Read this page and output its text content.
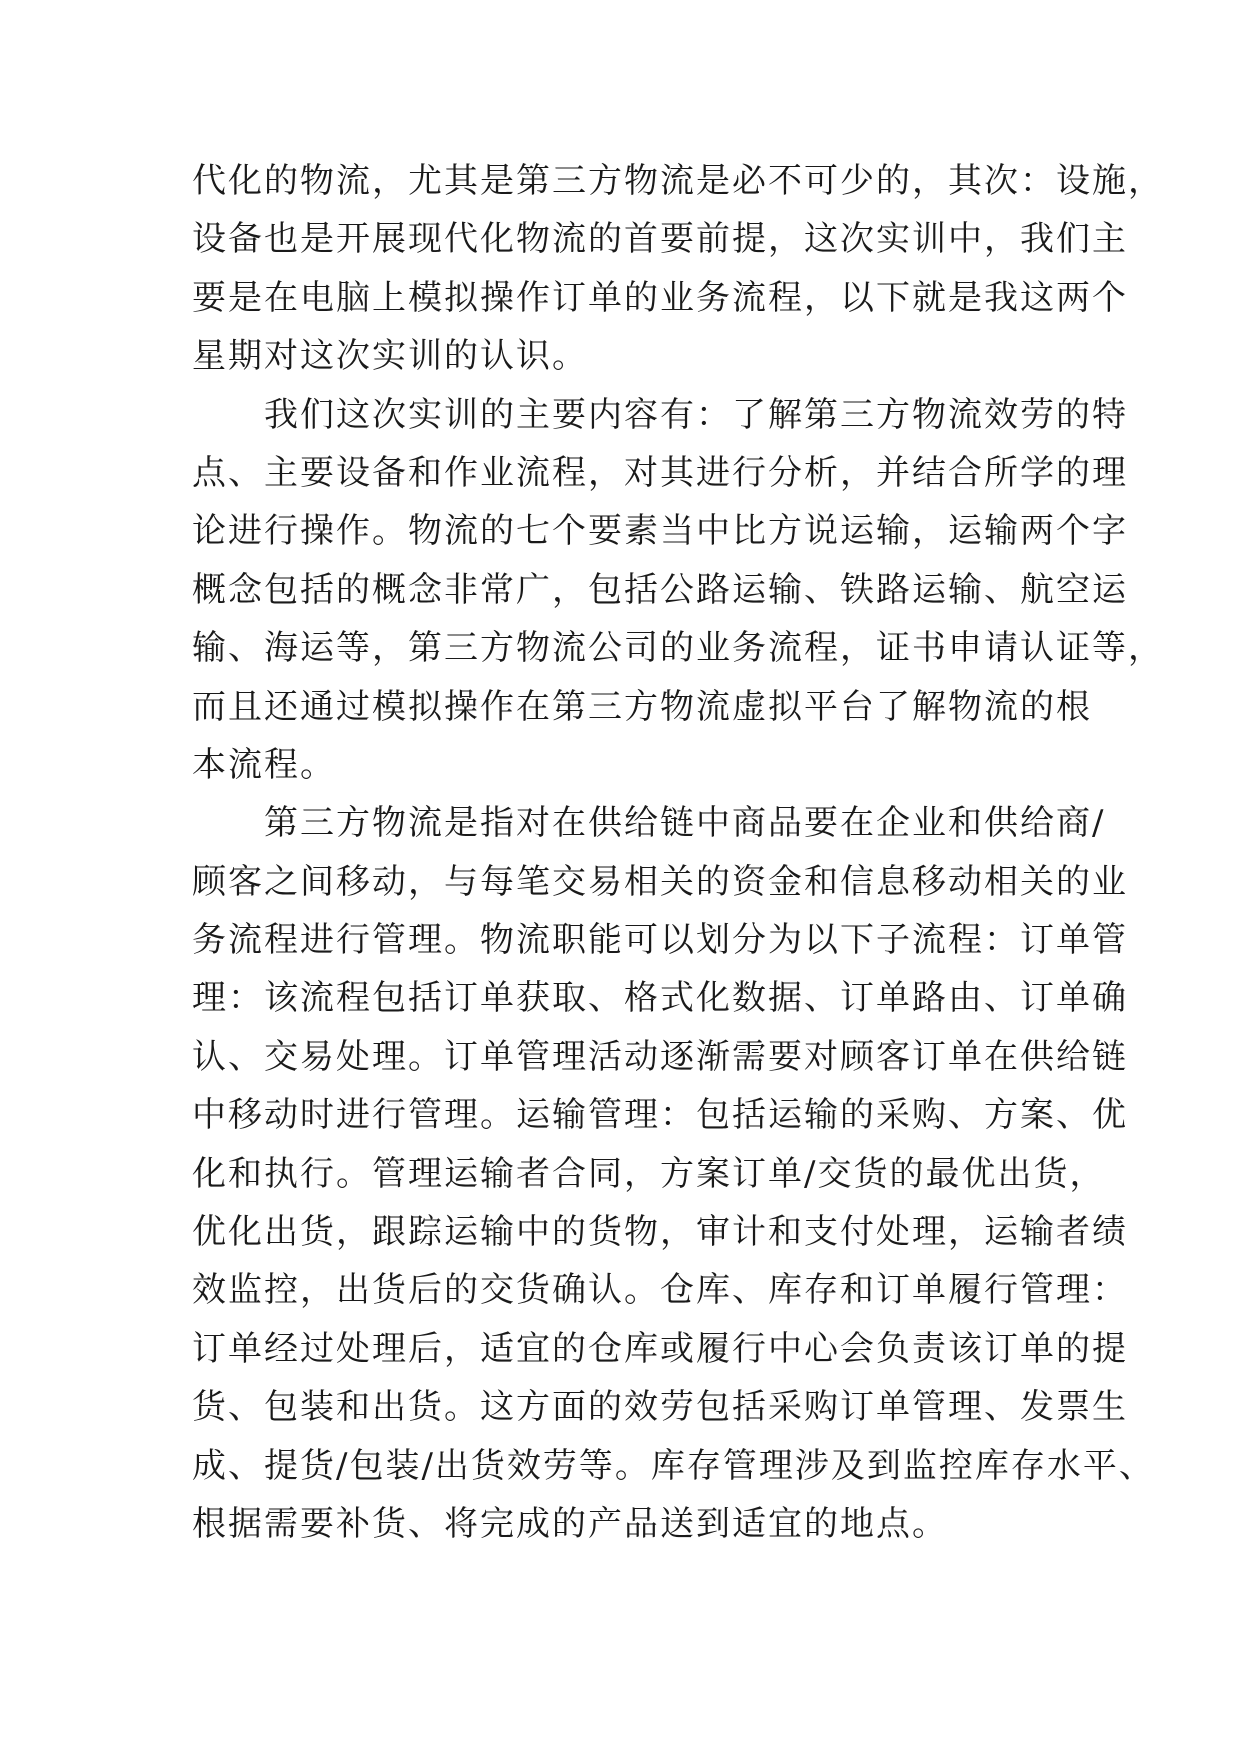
代化的物流，尤其是第三方物流是必不可少的，其次：设施，
设备也是开展现代化物流的首要前提，这次实训中，我们主
要是在电脑上模拟操作订单的业务流程，以下就是我这两个
星期对这次实训的认识。
　　我们这次实训的主要内容有：了解第三方物流效劳的特
点、主要设备和作业流程，对其进行分析，并结合所学的理
论进行操作。物流的七个要素当中比方说运输，运输两个字
概念包括的概念非常广，包括公路运输、铁路运输、航空运
输、海运等，第三方物流公司的业务流程，证书申请认证等，
而且还通过模拟操作在第三方物流虚拟平台了解物流的根
本流程。
　　第三方物流是指对在供给链中商品要在企业和供给商/
顾客之间移动，与每笔交易相关的资金和信息移动相关的业
务流程进行管理。物流职能可以划分为以下子流程：订单管
理：该流程包括订单获取、格式化数据、订单路由、订单确
认、交易处理。订单管理活动逐渐需要对顾客订单在供给链
中移动时进行管理。运输管理：包括运输的采购、方案、优
化和执行。管理运输者合同，方案订单/交货的最优出货，
优化出货，跟踪运输中的货物，审计和支付处理，运输者绩
效监控，出货后的交货确认。仓库、库存和订单履行管理：
订单经过处理后，适宜的仓库或履行中心会负责该订单的提
货、包装和出货。这方面的效劳包括采购订单管理、发票生
成、提货/包装/出货效劳等。库存管理涉及到监控库存水平、
根据需要补货、将完成的产品送到适宜的地点。
